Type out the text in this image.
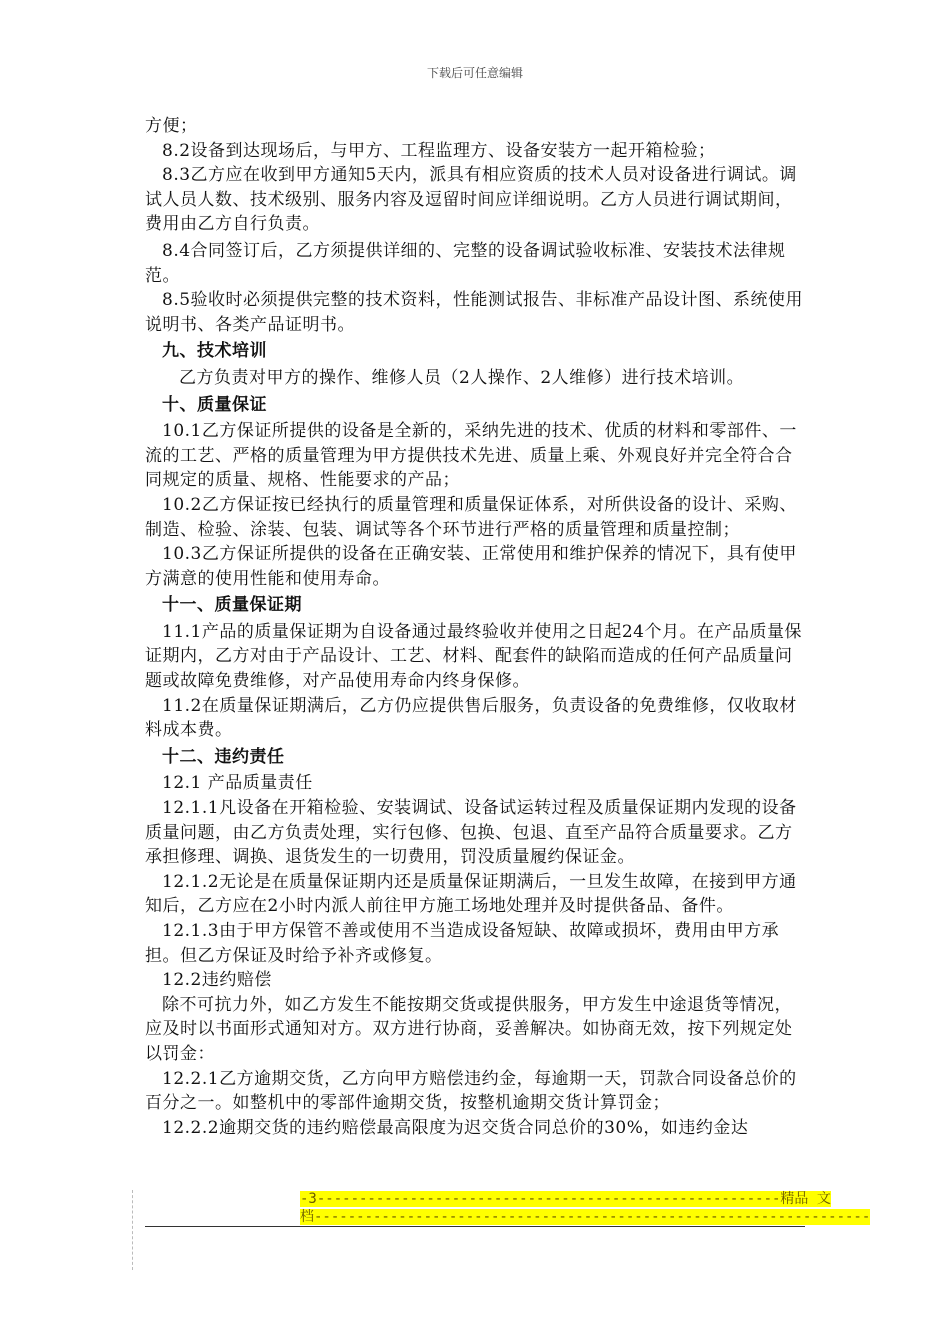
下载后可任意编辑

方便；

8.2设备到达现场后，与甲方、工程监理方、设备安装方一起开箱检验；

8.3乙方应在收到甲方通知5天内，派具有相应资质的技术人员对设备进行调试。调试人员人数、技术级别、服务内容及逗留时间应详细说明。乙方人员进行调试期间，费用由乙方自行负责。

8.4合同签订后，乙方须提供详细的、完整的设备调试验收标准、安装技术法律规范。

8.5验收时必须提供完整的技术资料，性能测试报告、非标准产品设计图、系统使用说明书、各类产品证明书。

九、技术培训

乙方负责对甲方的操作、维修人员（2人操作、2人维修）进行技术培训。

十、质量保证

10.1乙方保证所提供的设备是全新的，采纳先进的技术、优质的材料和零部件、一流的工艺、严格的质量管理为甲方提供技术先进、质量上乘、外观良好并完全符合合同规定的质量、规格、性能要求的产品；

10.2乙方保证按已经执行的质量管理和质量保证体系，对所供设备的设计、采购、制造、检验、涂装、包装、调试等各个环节进行严格的质量管理和质量控制；

10.3乙方保证所提供的设备在正确安装、正常使用和维护保养的情况下，具有使甲方满意的使用性能和使用寿命。

十一、质量保证期

11.1产品的质量保证期为自设备通过最终验收并使用之日起24个月。在产品质量保证期内，乙方对由于产品设计、工艺、材料、配套件的缺陷而造成的任何产品质量问题或故障免费维修，对产品使用寿命内终身保修。

11.2在质量保证期满后，乙方仍应提供售后服务，负责设备的免费维修，仅收取材料成本费。

十二、违约责任

12.1 产品质量责任

12.1.1凡设备在开箱检验、安装调试、设备试运转过程及质量保证期内发现的设备质量问题，由乙方负责处理，实行包修、包换、包退、直至产品符合质量要求。乙方承担修理、调换、退货发生的一切费用，罚没质量履约保证金。

12.1.2无论是在质量保证期内还是质量保证期满后，一旦发生故障，在接到甲方通知后，乙方应在2小时内派人前往甲方施工场地处理并及时提供备品、备件。

12.1.3由于甲方保管不善或使用不当造成设备短缺、故障或损坏，费用由甲方承担。但乙方保证及时给予补齐或修复。

12.2违约赔偿

除不可抗力外，如乙方发生不能按期交货或提供服务，甲方发生中途退货等情况，应及时以书面形式通知对方。双方进行协商，妥善解决。如协商无效，按下列规定处以罚金：

12.2.1乙方逾期交货，乙方向甲方赔偿违约金，每逾期一天，罚款合同设备总价的百分之一。如整机中的零部件逾期交货，按整机逾期交货计算罚金；

12.2.2逾期交货的违约赔偿最高限度为迟交货合同总价的30%，如违约金达

-3-------------------------------------------------------精品 文
档------------------------------------------------------------------
